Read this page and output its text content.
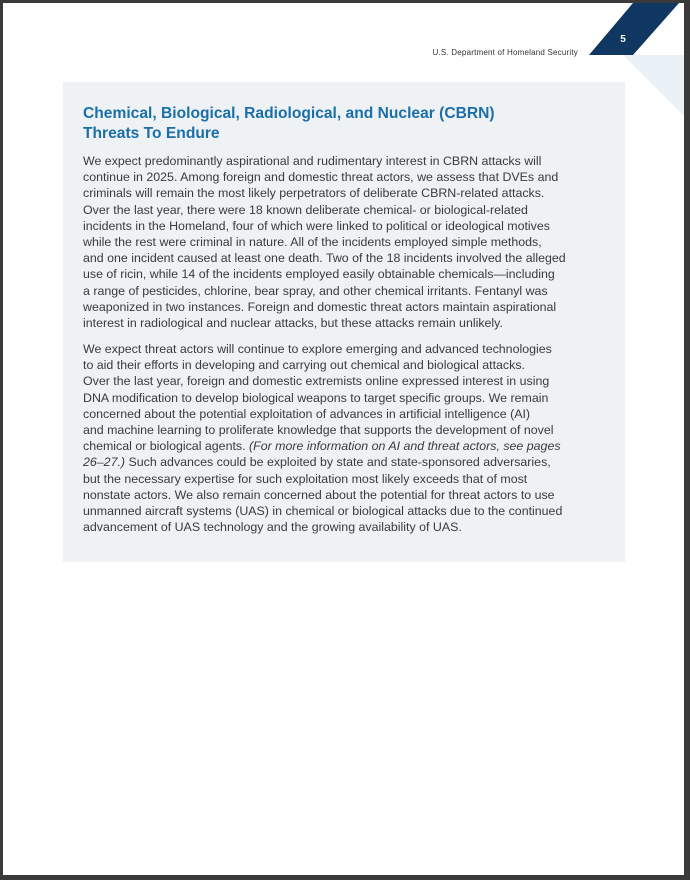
5
U.S. Department of Homeland Security
Chemical, Biological, Radiological, and Nuclear (CBRN)
Threats To Endure

We expect predominantly aspirational and rudimentary interest in CBRN attacks will
continue in 2025. Among foreign and domestic threat actors, we assess that DVEs and
criminals will remain the most likely perpetrators of deliberate CBRN-related attacks.
Over the last year, there were 18 known deliberate chemical- or biological-related
incidents in the Homeland, four of which were linked to political or ideological motives
while the rest were criminal in nature. All of the incidents employed simple methods,
and one incident caused at least one death. Two of the 18 incidents involved the alleged
use of ricin, while 14 of the incidents employed easily obtainable chemicals—including
a range of pesticides, chlorine, bear spray, and other chemical irritants. Fentanyl was
weaponized in two instances. Foreign and domestic threat actors maintain aspirational
interest in radiological and nuclear attacks, but these attacks remain unlikely.

We expect threat actors will continue to explore emerging and advanced technologies
to aid their efforts in developing and carrying out chemical and biological attacks.
Over the last year, foreign and domestic extremists online expressed interest in using
DNA modification to develop biological weapons to target specific groups. We remain
concerned about the potential exploitation of advances in artificial intelligence (AI)
and machine learning to proliferate knowledge that supports the development of novel
chemical or biological agents. (For more information on AI and threat actors, see pages
26–27.) Such advances could be exploited by state and state-sponsored adversaries,
but the necessary expertise for such exploitation most likely exceeds that of most
nonstate actors. We also remain concerned about the potential for threat actors to use
unmanned aircraft systems (UAS) in chemical or biological attacks due to the continued
advancement of UAS technology and the growing availability of UAS.
